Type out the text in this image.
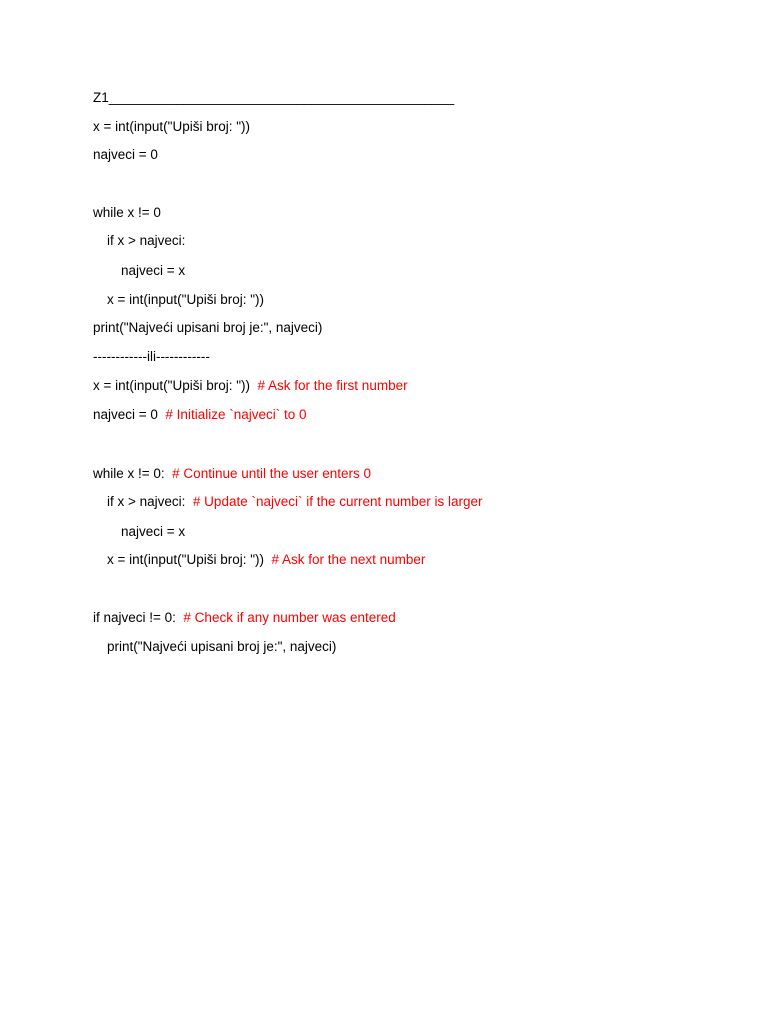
Z1______________________________________________
x = int(input("Upiši broj: "))
najveci = 0
while x != 0
if x > najveci:
najveci = x
x = int(input("Upiši broj: "))
print("Najveći upisani broj je:", najveci)
------------ili------------
x = int(input("Upiši broj: "))  # Ask for the first number
najveci = 0  # Initialize `najveci` to 0
while x != 0:  # Continue until the user enters 0
if x > najveci:  # Update `najveci` if the current number is larger
najveci = x
x = int(input("Upiši broj: "))  # Ask for the next number
if najveci != 0:  # Check if any number was entered
print("Najveći upisani broj je:", najveci)
